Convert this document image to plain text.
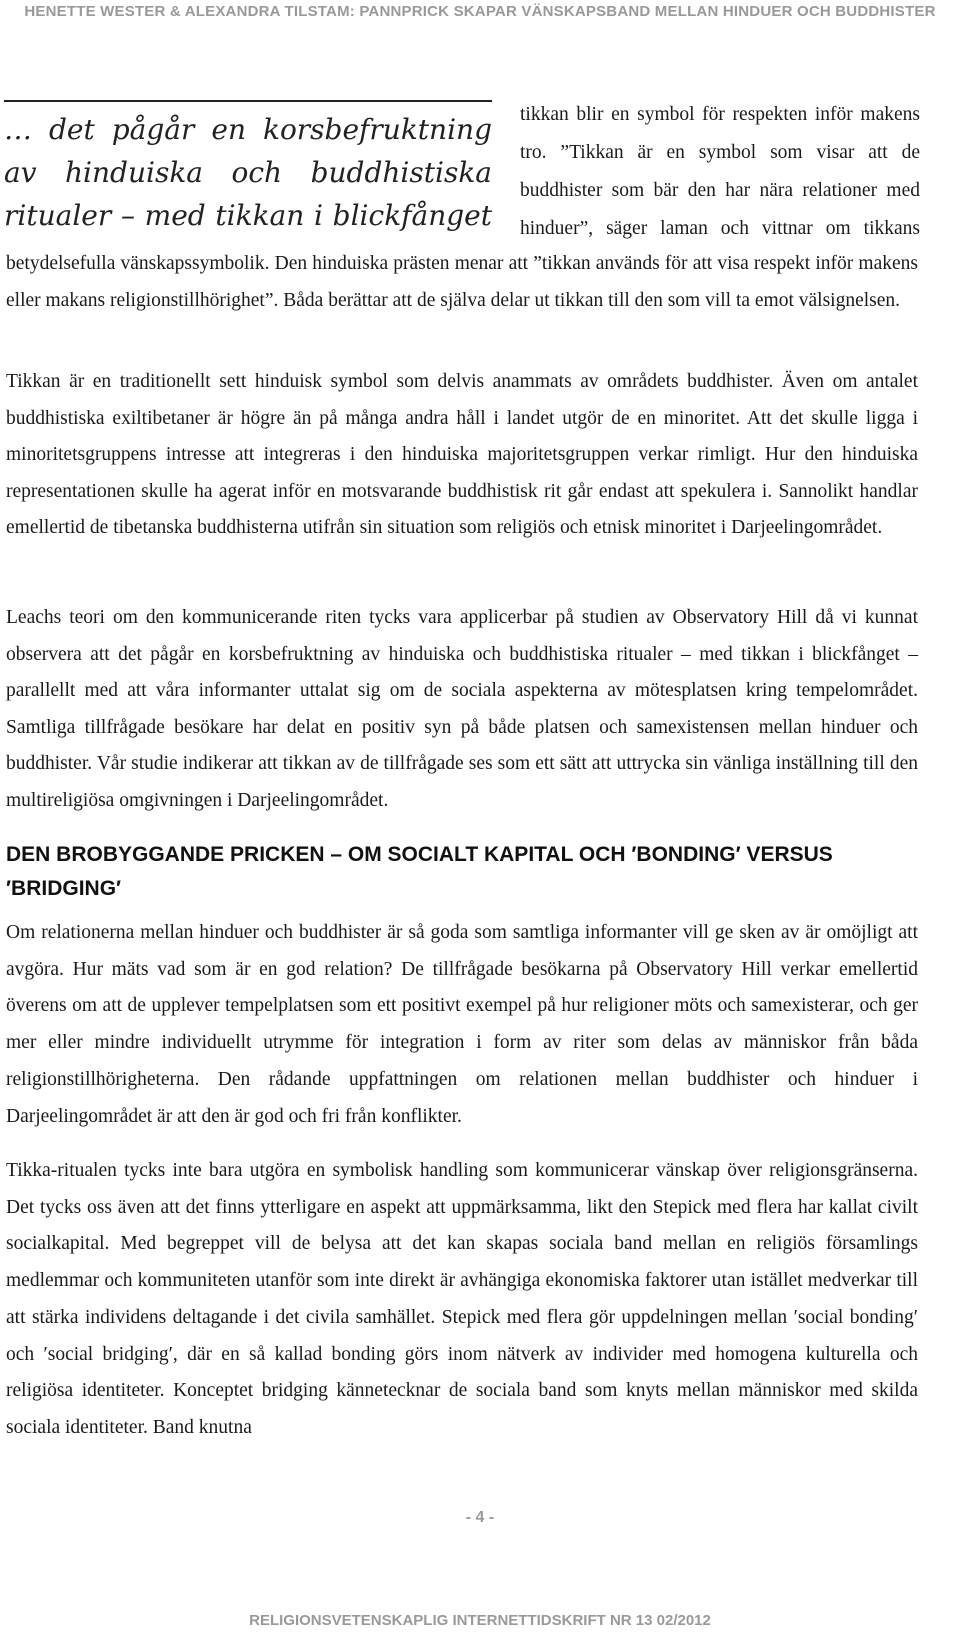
HENETTE WESTER & ALEXANDRA TILSTAM: PANNPRICK SKAPAR VÄNSKAPSBAND MELLAN HINDUER OCH BUDDHISTER

… det pågår en korsbefruktning

av hinduiska och buddhistiska

ritualer – med tikkan i blickfånget

tikkan blir en symbol för respekten inför makens

tro. ”Tikkan är en symbol som visar att de

buddhister som bär den har nära relationer med

hinduer”, säger laman och vittnar om tikkans

betydelsefulla vänskapssymbolik. Den hinduiska prästen menar att ”tikkan används för att visa respekt inför makens eller makans religionstillhörighet”. Båda berättar att de själva delar ut tikkan till den som vill ta emot välsignelsen.

Tikkan är en traditionellt sett hinduisk symbol som delvis anammats av områdets buddhister. Även om antalet buddhistiska exiltibetaner är högre än på många andra håll i landet utgör de en minoritet. Att det skulle ligga i minoritetsgruppens intresse att integreras i den hinduiska majoritetsgruppen verkar rimligt. Hur den hinduiska representationen skulle ha agerat inför en motsvarande buddhistisk rit går endast att spekulera i. Sannolikt handlar emellertid de tibetanska buddhisterna utifrån sin situation som religiös och etnisk minoritet i Darjeelingområdet.

Leachs teori om den kommunicerande riten tycks vara applicerbar på studien av Observatory Hill då vi kunnat observera att det pågår en korsbefruktning av hinduiska och buddhistiska ritualer – med tikkan i blickfånget – parallellt med att våra informanter uttalat sig om de sociala aspekterna av mötesplatsen kring tempelområdet. Samtliga tillfrågade besökare har delat en positiv syn på både platsen och samexistensen mellan hinduer och buddhister. Vår studie indikerar att tikkan av de tillfrågade ses som ett sätt att uttrycka sin vänliga inställning till den multireligiösa omgivningen i Darjeelingområdet.

DEN BROBYGGANDE PRICKEN – OM SOCIALT KAPITAL OCH ′BONDING′ VERSUS ′BRIDGING′

Om relationerna mellan hinduer och buddhister är så goda som samtliga informanter vill ge sken av är omöjligt att avgöra. Hur mäts vad som är en god relation? De tillfrågade besökarna på Observatory Hill verkar emellertid överens om att de upplever tempelplatsen som ett positivt exempel på hur religioner möts och samexisterar, och ger mer eller mindre individuellt utrymme för integration i form av riter som delas av människor från båda religionstillhörigheterna. Den rådande uppfattningen om relationen mellan buddhister och hinduer i Darjeelingområdet är att den är god och fri från konflikter.

Tikka-ritualen tycks inte bara utgöra en symbolisk handling som kommunicerar vänskap över religionsgränserna. Det tycks oss även att det finns ytterligare en aspekt att uppmärksamma, likt den Stepick med flera har kallat civilt socialkapital. Med begreppet vill de belysa att det kan skapas sociala band mellan en religiös församlings medlemmar och kommuniteten utanför som inte direkt är avhängiga ekonomiska faktorer utan istället medverkar till att stärka individens deltagande i det civila samhället. Stepick med flera gör uppdelningen mellan ′social bonding′ och ′social bridging′, där en så kallad bonding görs inom nätverk av individer med homogena kulturella och religiösa identiteter. Konceptet bridging kännetecknar de sociala band som knyts mellan människor med skilda sociala identiteter. Band knutna

- 4 -
RELIGIONSVETENSKAPLIG INTERNETTIDSKRIFT NR 13 02/2012
